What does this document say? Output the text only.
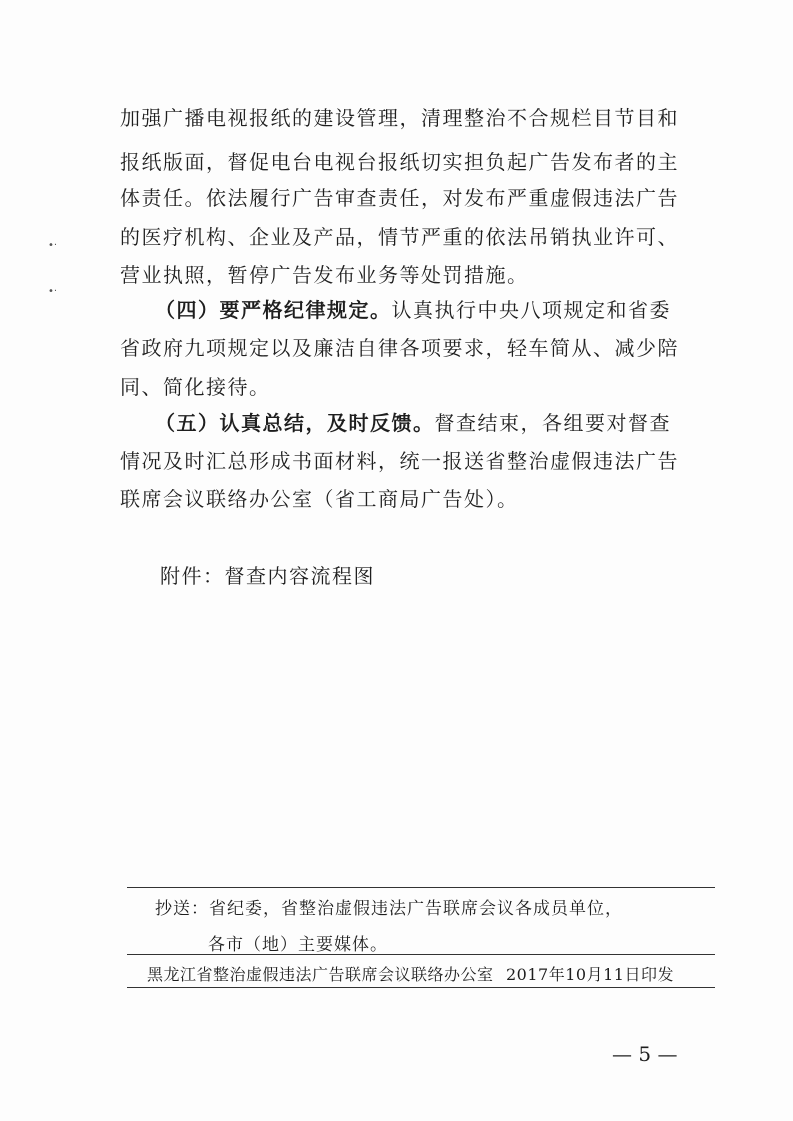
•‧
•‧
加强广播电视报纸的建设管理，清理整治不合规栏目节目和
报纸版面，督促电台电视台报纸切实担负起广告发布者的主
体责任。依法履行广告审查责任，对发布严重虚假违法广告
的医疗机构、企业及产品，情节严重的依法吊销执业许可、
营业执照，暂停广告发布业务等处罚措施。
（四）要严格纪律规定。认真执行中央八项规定和省委
省政府九项规定以及廉洁自律各项要求，轻车简从、减少陪
同、简化接待。
（五）认真总结，及时反馈。督查结束，各组要对督查
情况及时汇总形成书面材料，统一报送省整治虚假违法广告
联席会议联络办公室（省工商局广告处）。
附件：督查内容流程图
抄送：省纪委，省整治虚假违法广告联席会议各成员单位，
各市（地）主要媒体。
黑龙江省整治虚假违法广告联席会议联络办公室 2017年10月11日印发
— 5 —
